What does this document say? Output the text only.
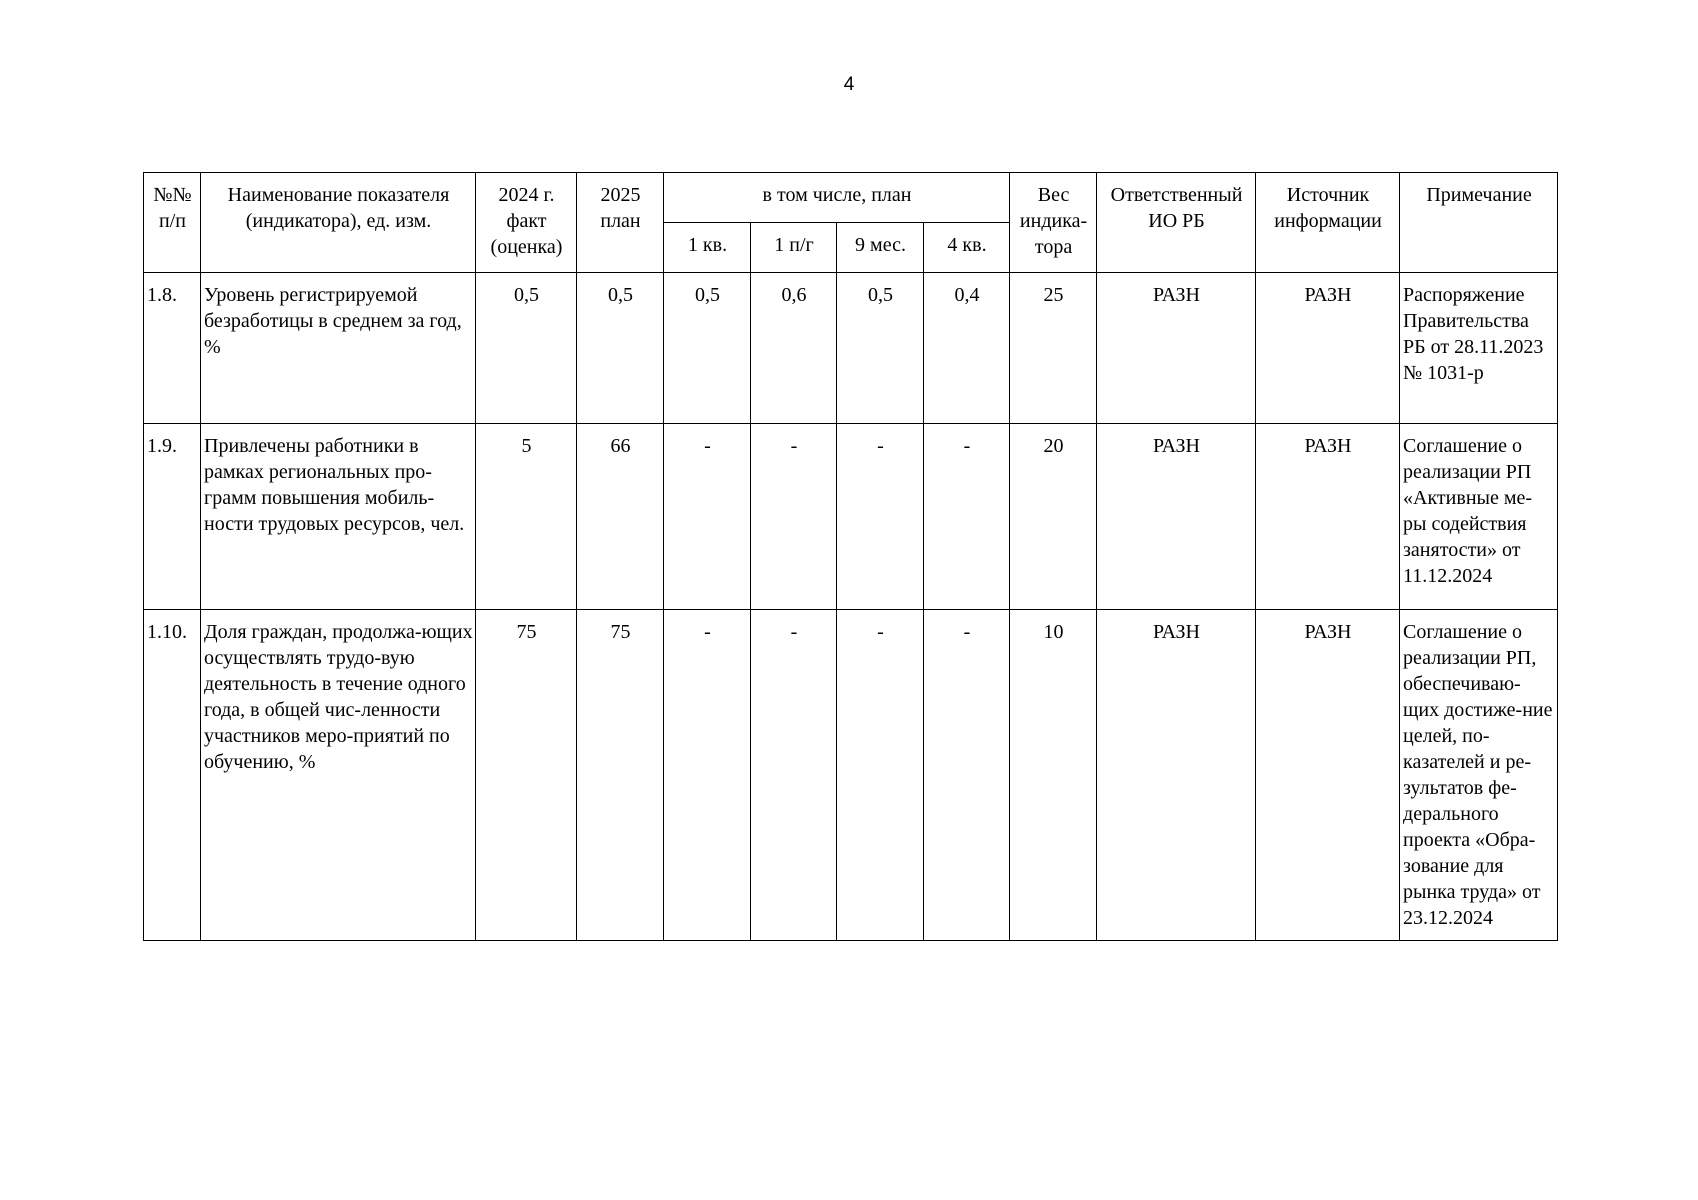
4
№№ п/п	Наименование показателя (индикатора), ед. изм.	2024 г. факт (оценка)	2025 план	в том числе, план				Вес индика-тора	Ответственный ИО РБ	Источник информации	Примечание
				1 кв.	1 п/г	9 мес.	4 кв.				
1.8.	Уровень регистрируемой безработицы в среднем за год, %	0,5	0,5	0,5	0,6	0,5	0,4	25	РАЗН	РАЗН	Распоряжение Правительства РБ от 28.11.2023 № 1031-р
1.9.	Привлечены работники в рамках региональных про-грамм повышения мобиль-ности трудовых ресурсов, чел.	5	66	-	-	-	-	20	РАЗН	РАЗН	Соглашение о реализации РП «Активные ме-ры содействия занятости» от 11.12.2024
1.10.	Доля граждан, продолжа-ющих осуществлять трудо-вую деятельность в течение одного года, в общей чис-ленности участников меро-приятий по обучению, %	75	75	-	-	-	-	10	РАЗН	РАЗН	Соглашение о реализации РП, обеспечиваю-щих достиже-ние целей, по-казателей и ре-зультатов фе-дерального проекта «Обра-зование для рынка труда» от 23.12.2024
